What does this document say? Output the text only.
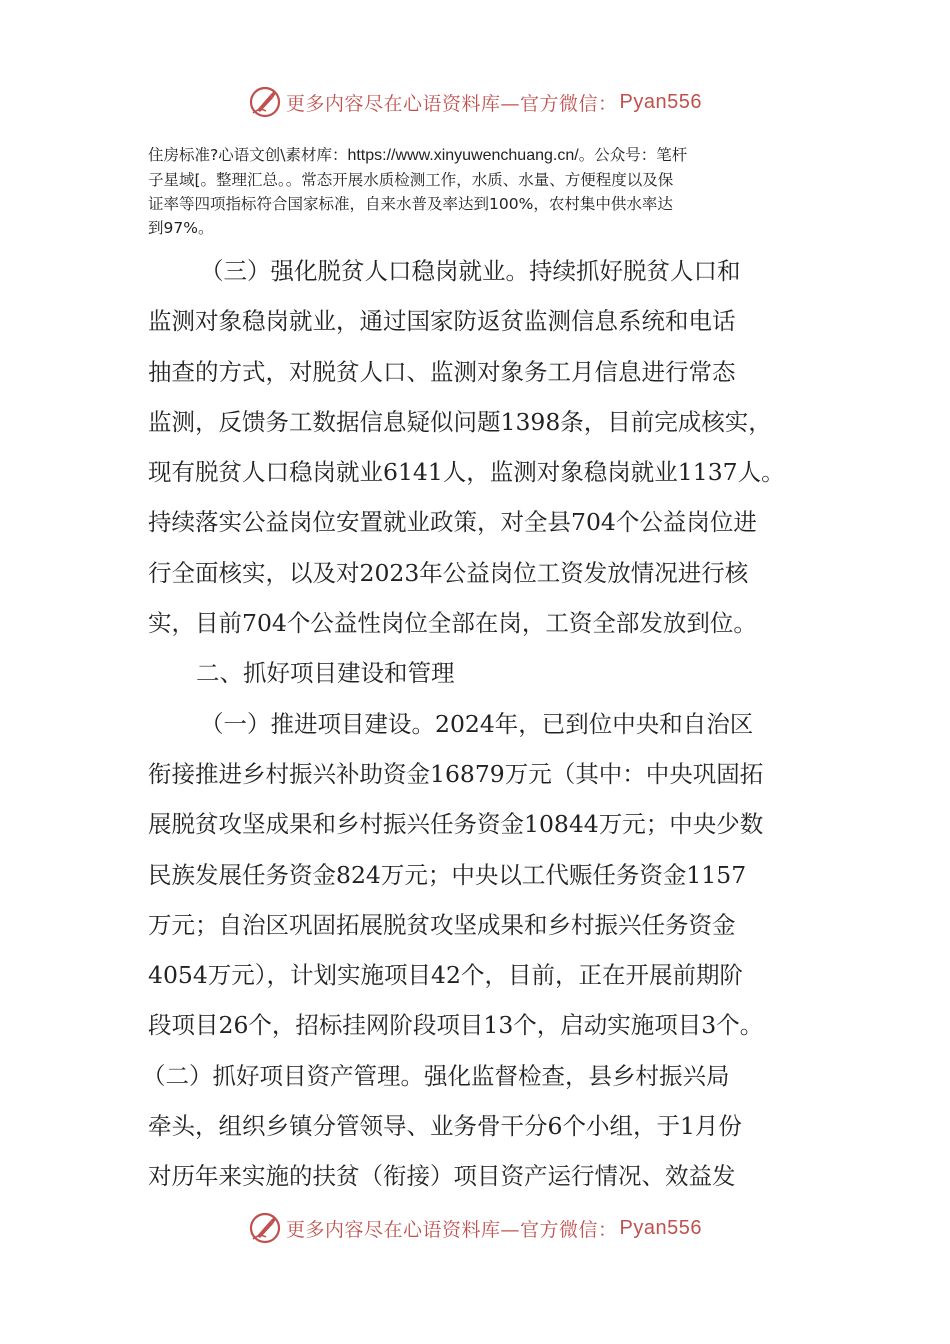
更多内容尽在心语资料库—官方微信： Pyan556
住房标准?心语文创\素材库：https://www.xinyuwenchuang.cn/。公众号：笔杆
子星域[。整理汇总。。常态开展水质检测工作，水质、水量、方便程度以及保
证率等四项指标符合国家标准，自来水普及率达到100%，农村集中供水率达
到97%。

（三）强化脱贫人口稳岗就业。持续抓好脱贫人口和

监测对象稳岗就业，通过国家防返贫监测信息系统和电话

抽查的方式，对脱贫人口、监测对象务工月信息进行常态

监测，反馈务工数据信息疑似问题1398条，目前完成核实，

现有脱贫人口稳岗就业6141人，监测对象稳岗就业1137人。

持续落实公益岗位安置就业政策，对全县704个公益岗位进

行全面核实，以及对2023年公益岗位工资发放情况进行核

实，目前704个公益性岗位全部在岗，工资全部发放到位。

二、抓好项目建设和管理

（一）推进项目建设。2024年，已到位中央和自治区

衔接推进乡村振兴补助资金16879万元（其中：中央巩固拓

展脱贫攻坚成果和乡村振兴任务资金10844万元；中央少数

民族发展任务资金824万元；中央以工代赈任务资金1157

万元；自治区巩固拓展脱贫攻坚成果和乡村振兴任务资金

4054万元），计划实施项目42个，目前，正在开展前期阶

段项目26个，招标挂网阶段项目13个，启动实施项目3个。

（二）抓好项目资产管理。强化监督检查，县乡村振兴局

牵头，组织乡镇分管领导、业务骨干分6个小组，于1月份

对历年来实施的扶贫（衔接）项目资产运行情况、效益发

更多内容尽在心语资料库—官方微信： Pyan556
